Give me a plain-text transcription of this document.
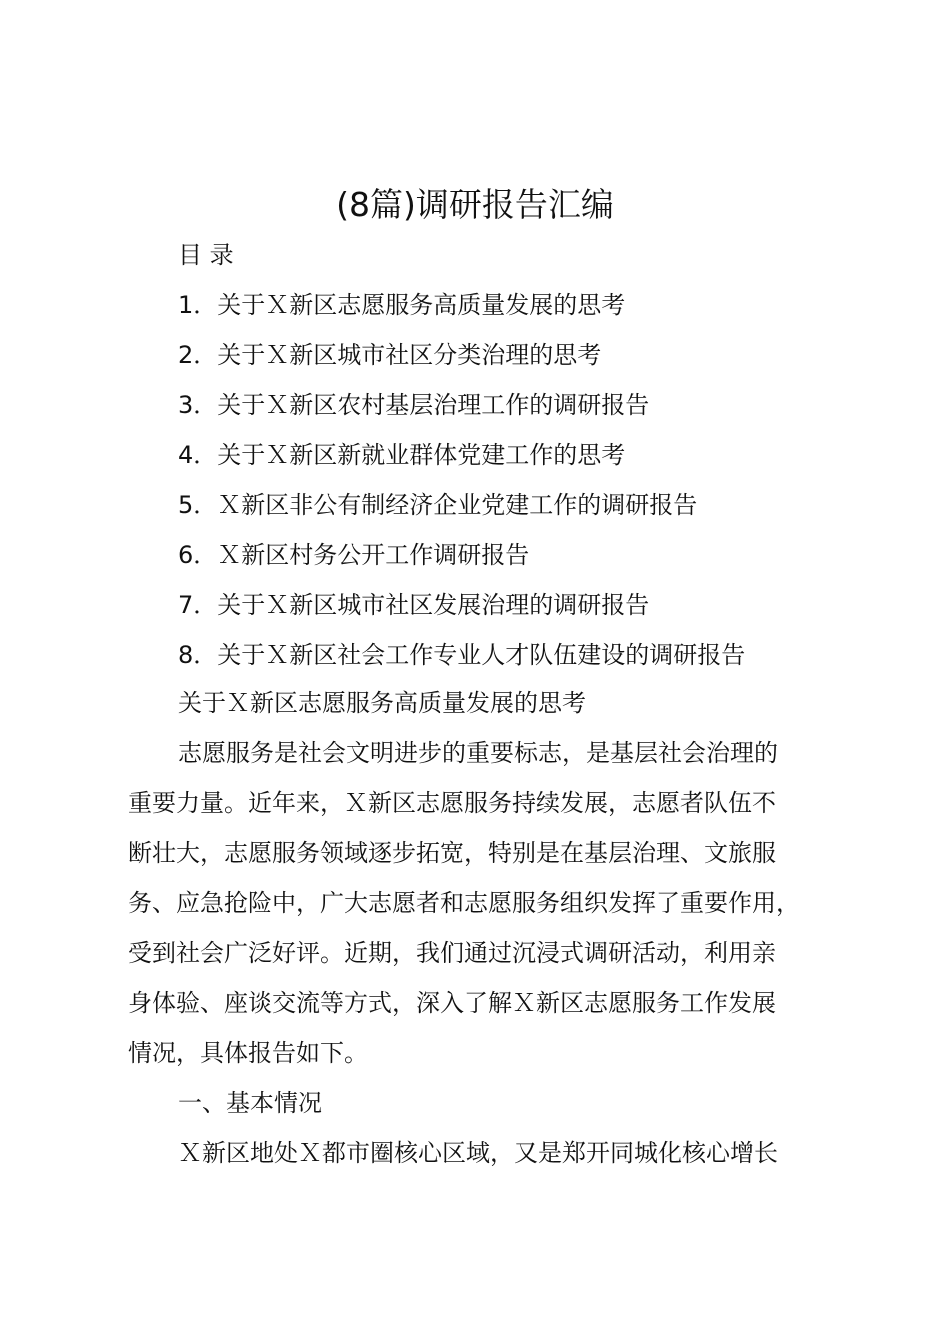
(8篇)调研报告汇编
目 录
1．关于Ｘ新区志愿服务高质量发展的思考
2．关于Ｘ新区城市社区分类治理的思考
3．关于Ｘ新区农村基层治理工作的调研报告
4．关于Ｘ新区新就业群体党建工作的思考
5．Ｘ新区非公有制经济企业党建工作的调研报告
6．Ｘ新区村务公开工作调研报告
7．关于Ｘ新区城市社区发展治理的调研报告
8．关于Ｘ新区社会工作专业人才队伍建设的调研报告
关于Ｘ新区志愿服务高质量发展的思考
志愿服务是社会文明进步的重要标志，是基层社会治理的
重要力量。近年来，Ｘ新区志愿服务持续发展，志愿者队伍不
断壮大，志愿服务领域逐步拓宽，特别是在基层治理、文旅服
务、应急抢险中，广大志愿者和志愿服务组织发挥了重要作用，
受到社会广泛好评。近期，我们通过沉浸式调研活动，利用亲
身体验、座谈交流等方式，深入了解Ｘ新区志愿服务工作发展
情况，具体报告如下。
一、基本情况
Ｘ新区地处Ｘ都市圈核心区域，又是郑开同城化核心增长
